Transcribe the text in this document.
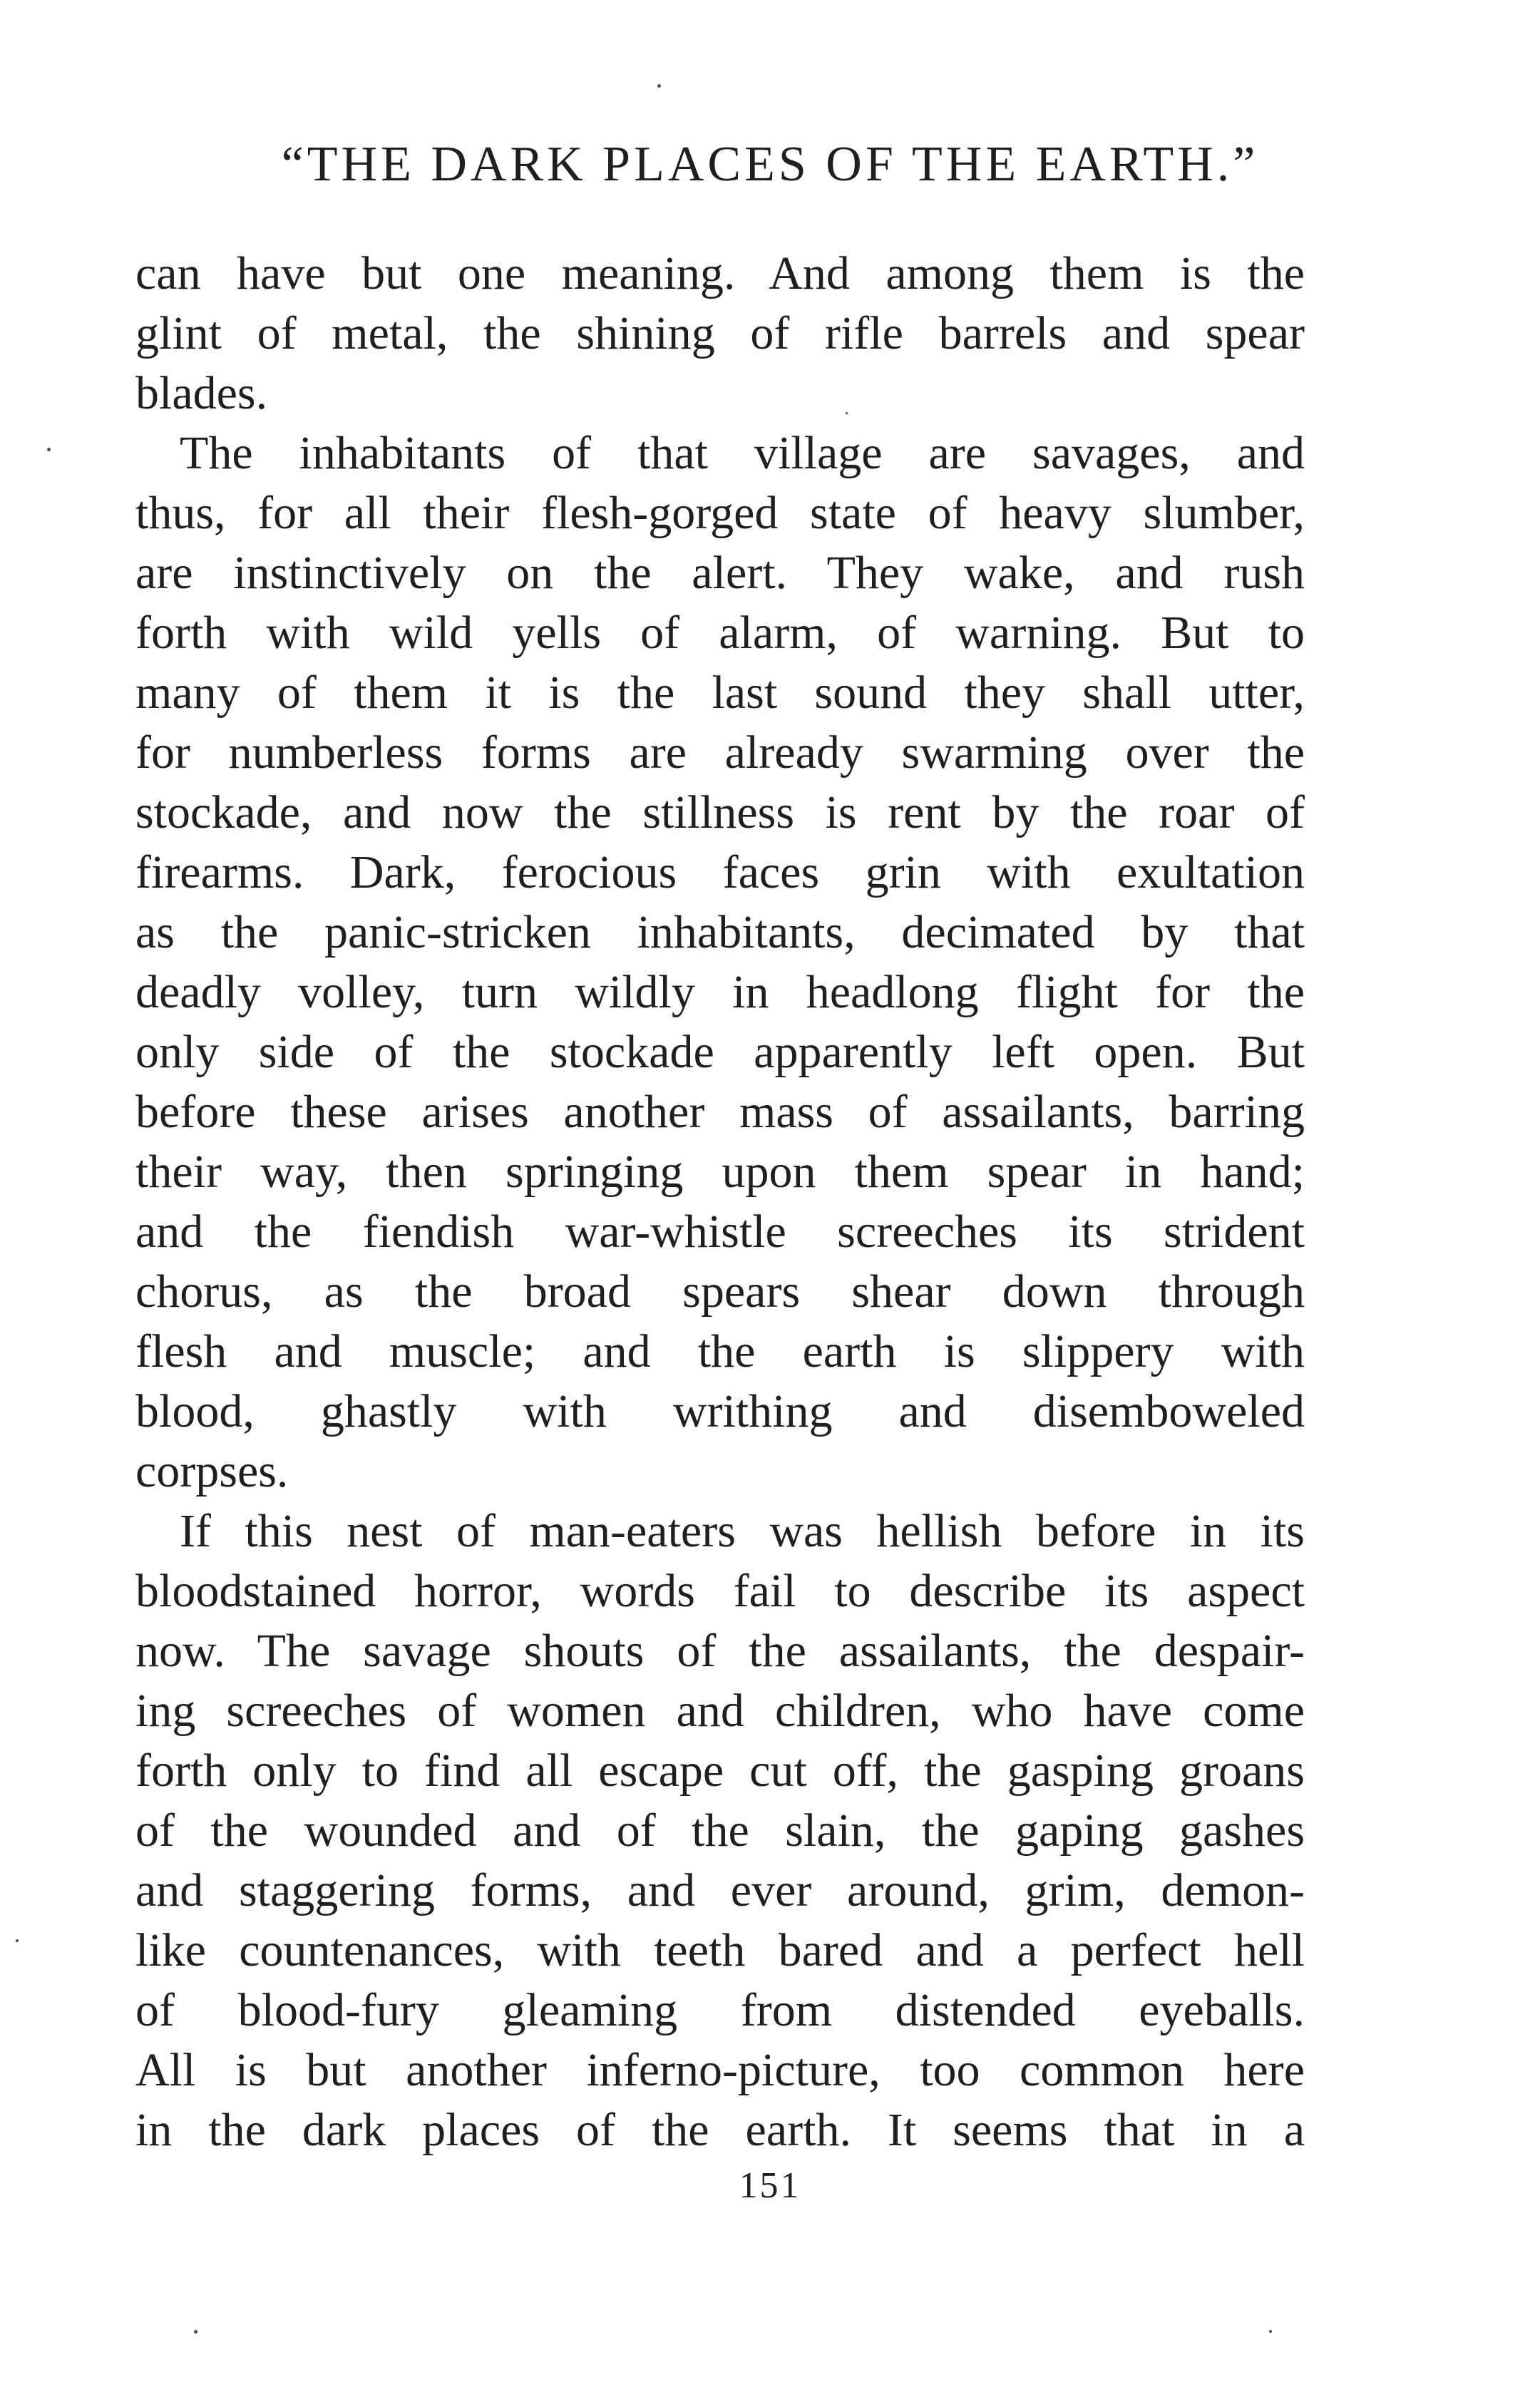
“THE DARK PLACES OF THE EARTH.”
can have but one meaning. And among them is the
glint of metal, the shining of rifle barrels and spear
blades.
The inhabitants of that village are savages, and
thus, for all their flesh-gorged state of heavy slumber,
are instinctively on the alert. They wake, and rush
forth with wild yells of alarm, of warning. But to
many of them it is the last sound they shall utter,
for numberless forms are already swarming over the
stockade, and now the stillness is rent by the roar of
firearms. Dark, ferocious faces grin with exultation
as the panic-stricken inhabitants, decimated by that
deadly volley, turn wildly in headlong flight for the
only side of the stockade apparently left open. But
before these arises another mass of assailants, barring
their way, then springing upon them spear in hand;
and the fiendish war-whistle screeches its strident
chorus, as the broad spears shear down through
flesh and muscle; and the earth is slippery with
blood, ghastly with writhing and disemboweled
corpses.
If this nest of man-eaters was hellish before in its
bloodstained horror, words fail to describe its aspect
now. The savage shouts of the assailants, the despair-
ing screeches of women and children, who have come
forth only to find all escape cut off, the gasping groans
of the wounded and of the slain, the gaping gashes
and staggering forms, and ever around, grim, demon-
like countenances, with teeth bared and a perfect hell
of blood-fury gleaming from distended eyeballs.
All is but another inferno-picture, too common here
in the dark places of the earth. It seems that in a
151
